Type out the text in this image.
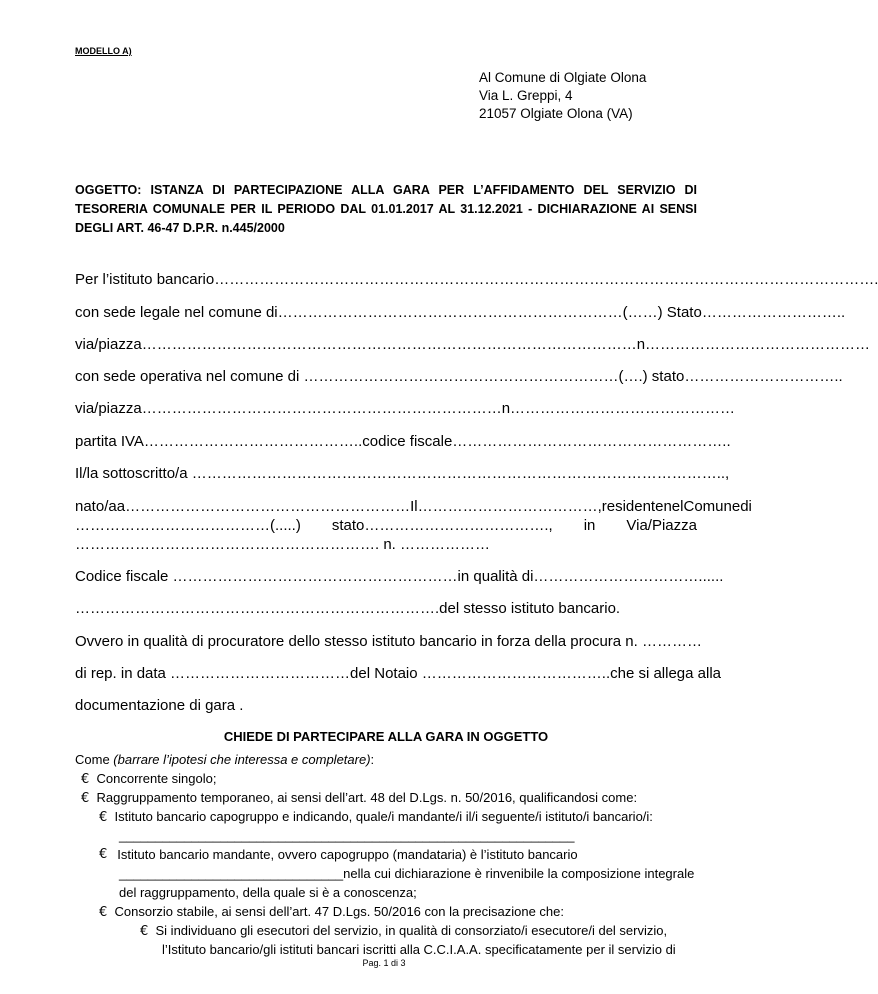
MODELLO A)
Al Comune di Olgiate Olona
Via L. Greppi, 4
21057 Olgiate Olona (VA)
OGGETTO: ISTANZA DI PARTECIPAZIONE ALLA GARA PER L’AFFIDAMENTO DEL SERVIZIO DI TESORERIA COMUNALE PER IL PERIODO DAL 01.01.2017 AL 31.12.2021 - DICHIARAZIONE AI SENSI DEGLI ART. 46-47 D.P.R. n.445/2000
Per l’istituto bancario…………………………………………………………………………………………………………………….
con sede legale nel comune di……………………………………………………………(……) Stato………………………..
via/piazza………………………………………………………………………………………n………………………………………
con sede operativa nel comune di ………………………………………………………(….) stato…………………………..
via/piazza………………………………………………………………n………………………………………
partita IVA……………………………………..codice fiscale………………………………………………..
Il/la sottoscritto/a ……………………………………………………………………………………………..,
nato/a a ………………………………………………… Il ………………………………, residente nel Comune di
…………………………………(.....) stato………………………………., in Via/Piazza
……………………………………………………. n. ………………
Codice fiscale …………………………………………………in qualità di……………………………......
……………………………………………………………….del stesso istituto bancario.
Ovvero in qualità di procuratore dello stesso istituto bancario in forza della procura n. …………
di rep. in data ………………………………del Notaio ………………………………..che si allega alla
documentazione di gara .
CHIEDE DI PARTECIPARE ALLA GARA IN OGGETTO
Come (barrare l’ipotesi che interessa e completare):
€ Concorrente singolo;
€ Raggruppamento temporaneo, ai sensi dell’art. 48 del D.Lgs. n. 50/2016, qualificandosi come:
€ Istituto bancario capogruppo e indicando, quale/i mandante/i il/i seguente/i istituto/i bancario/i:
_______________________________________________________________
€ Istituto bancario mandante, ovvero capogruppo (mandataria) è l’istituto bancario
_______________________________nella cui dichiarazione è rinvenibile la composizione integrale
del raggruppamento, della quale si è a conoscenza;
€ Consorzio stabile, ai sensi dell’art. 47 D.Lgs. 50/2016 con la precisazione che:
€ Si individuano gli esecutori del servizio, in qualità di consorziato/i esecutore/i del servizio,
l’Istituto bancario/gli istituti bancari iscritti alla C.C.I.A.A. specificatamente per il servizio di
Pag. 1 di 3
